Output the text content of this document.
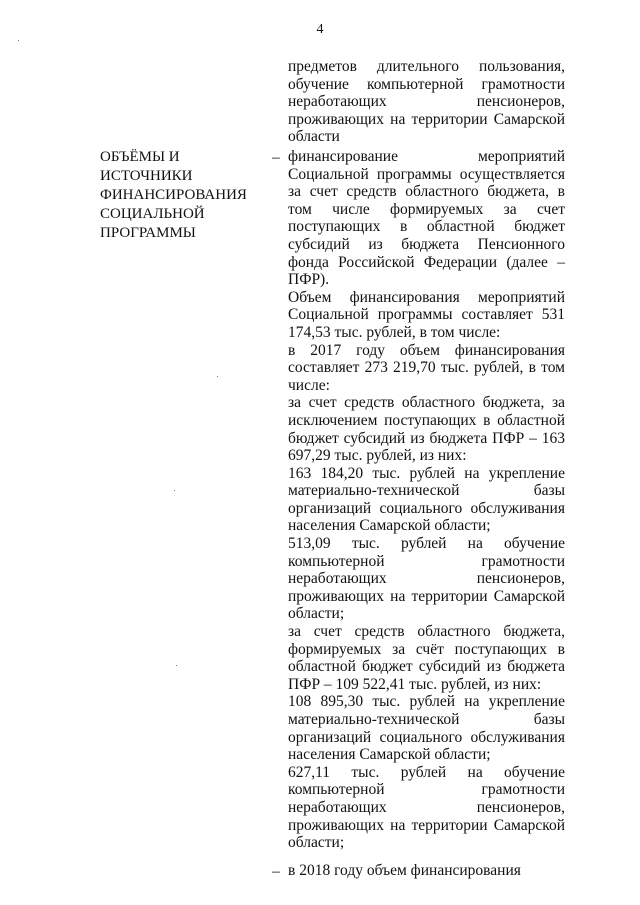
4

предметов длительного пользования, обучение компьютерной грамотности неработающих пенсионеров, проживающих на территории Самарской области

ОБЪЁМЫ И ИСТОЧНИКИ ФИНАНСИРОВАНИЯ СОЦИАЛЬНОЙ ПРОГРАММЫ
– финансирование мероприятий Социальной программы осуществляется за счет средств областного бюджета, в том числе формируемых за счет поступающих в областной бюджет субсидий из бюджета Пенсионного фонда Российской Федерации (далее – ПФР).

Объем финансирования мероприятий Социальной программы составляет 531 174,53 тыс. рублей, в том числе:

в 2017 году объем финансирования составляет 273 219,70 тыс. рублей, в том числе:

за счет средств областного бюджета, за исключением поступающих в областной бюджет субсидий из бюджета ПФР – 163 697,29 тыс. рублей, из них:

163 184,20 тыс. рублей на укрепление материально-технической базы организаций социального обслуживания населения Самарской области;

513,09 тыс. рублей на обучение компьютерной грамотности неработающих пенсионеров, проживающих на территории Самарской области;

за счет средств областного бюджета, формируемых за счёт поступающих в областной бюджет субсидий из бюджета ПФР – 109 522,41 тыс. рублей, из них:

108 895,30 тыс. рублей на укрепление материально-технической базы организаций социального обслуживания населения Самарской области;

627,11 тыс. рублей на обучение компьютерной грамотности неработающих пенсионеров, проживающих на территории Самарской области;

– в 2018 году объем финансирования
